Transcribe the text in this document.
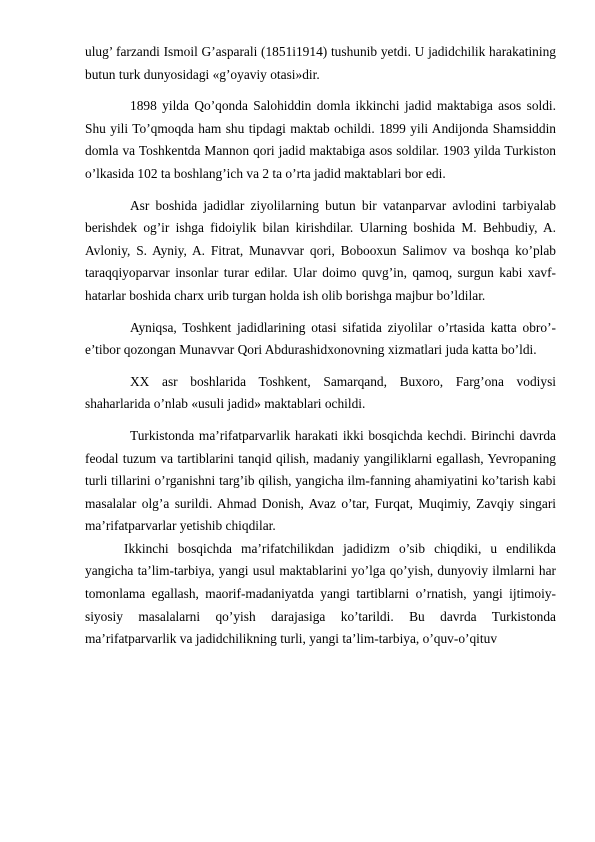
ulug’ farzandi Ismoil G’asparali (1851i1914) tushunib yetdi. U jadidchilik harakatining butun turk dunyosidagi «g’oyaviy otasi»dir.

1898 yilda Qo’qonda Salohiddin domla ikkinchi jadid maktabiga asos soldi. Shu yili To’qmoqda ham shu tipdagi maktab ochildi. 1899 yili Andijonda Shamsiddin domla va Toshkentda Mannon qori jadid maktabiga asos soldilar. 1903 yilda Turkiston o’lkasida 102 ta boshlang’ich va 2 ta o’rta jadid maktablari bor edi.

Asr boshida jadidlar ziyolilarning butun bir vatanparvar avlodini tarbiyalab berishdek og’ir ishga fidoiylik bilan kirishdilar. Ularning boshida M. Behbudiy, A. Avloniy, S. Ayniy, A. Fitrat, Munavvar qori, Bobooxun Salimov va boshqa ko’plab taraqqiyoparvar insonlar turar edilar. Ular doimo quvg’in, qamoq, surgun kabi xavf-hatarlar boshida charx urib turgan holda ish olib borishga majbur bo’ldilar.

Ayniqsa, Toshkent jadidlarining otasi sifatida ziyolilar o’rtasida katta obro’-e’tibor qozongan Munavvar Qori Abdurashidxonovning xizmatlari juda katta bo’ldi.

XX asr boshlarida Toshkent, Samarqand, Buxoro, Farg’ona vodiysi shaharlarida o’nlab «usuli jadid» maktablari ochildi.

Turkistonda ma’rifatparvarlik harakati ikki bosqichda kechdi. Birinchi davrda feodal tuzum va tartiblarini tanqid qilish, madaniy yangiliklarni egallash, Yevropaning turli tillarini o’rganishni targ’ib qilish, yangicha ilm-fanning ahamiyatini ko’tarish kabi masalalar olg’a surildi. Ahmad Donish, Avaz o’tar, Furqat, Muqimiy, Zavqiy singari ma’rifatparvarlar yetishib chiqdilar.

Ikkinchi bosqichda ma’rifatchilikdan jadidizm o’sib chiqdiki, u endilikda yangicha ta’lim-tarbiya, yangi usul maktablarini yo’lga qo’yish, dunyoviy ilmlarni har tomonlama egallash, maorif-madaniyatda yangi tartiblarni o’rnatish, yangi ijtimoiy-siyosiy masalalarni qo’yish darajasiga ko’tarildi. Bu davrda Turkistonda ma’rifatparvarlik va jadidchilikning turli, yangi ta’lim-tarbiya, o’quv-o’qituv
